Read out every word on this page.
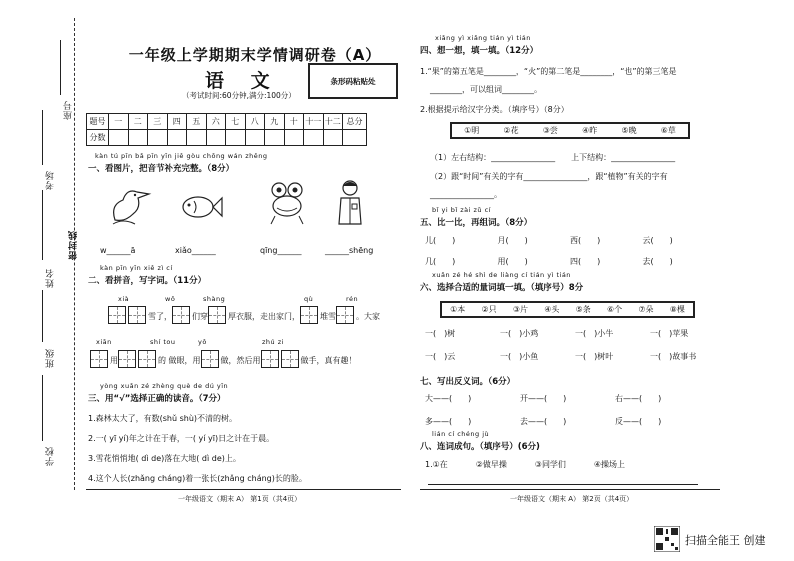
座号
考场
姓名
密封线
班级
学校
一年级上学期期末学情调研卷（A）
语 文
（考试时间:60分钟,满分:100分）
条形码粘贴处
题号	一	二	三	四	五	六	七	八	九	十	十一	十二	总分
分数													
kàn tú pīn bǎ pīn yīn jiě gòu chōng wán zhěng
一、看图片，把音节补充完整。（8分）
w______ā	xiǎo______	qīng______	______shēng
kàn pīn yīn xiě zì cí
二、看拼音，写字词。（11分）
xià	wǒ	shàng	qù	rén
雪了，	们穿	厚衣服，走出家门，	堆雪	。大家
xiān	shí tou	yǒ	zhú zi
用	的 做眼，用	做，然后用	做手，真有趣！
yòng xuǎn zé zhèng què de dú yīn
三、用“√”选择正确的读音。（7分）
1.森林太大了，有数(shǔ shù)不清的树。
2.一( yī yí)年之计在于春，一( yí yī)日之计在于晨。
3.雪花悄悄地( dì de)落在大地( dì de)上。
4.这个人长(zhǎng cháng)着一张长(zhǎng cháng)长的脸。
一年级语文（期末 A） 第1页（共4页）
xiǎng yì xiǎng tián yì tián
四、想一想，填一填。（12分）
1.“果”的第五笔是________，“火”的第二笔是________，“也”的第三笔是
________，可以组词________。
2.根据提示给汉字分类。（填序号）（8分）
①明	②花	③尝	④昨	⑤晚	⑥草
（1）左右结构：________________　　上下结构：________________
（2）跟“时间”有关的字有________________，跟“植物”有关的字有
________________。
bǐ yi bǐ zài zǔ cí
五、比一比，再组词。（8分）
儿(　　)	月(　　)	西(　　)	云(　　)
几(　　)	用(　　)	四(　　)	去(　　)
xuǎn zé hé shì de liàng cí tián yì tián
六、选择合适的量词填一填。（填序号）8分
①本 ②只 ③片 ④头 ⑤条 ⑥个 ⑦朵 ⑧棵
一(　)树	一(　)小鸡	一(　)小牛	一(　)苹果
一(　)云	一(　)小鱼	一(　)树叶	一(　)故事书
七、写出反义词。（6分）
大——(　　)	开——(　　)	右——(　　)
多——(　　)	去——(　　)	反——(　　)
lián cí chéng jù
八、连词成句。（填序号）(6分)
1.①在	②做早操	③同学们	④操场上
一年级语文（期末 A） 第2页（共4页）
扫描全能王 创建
